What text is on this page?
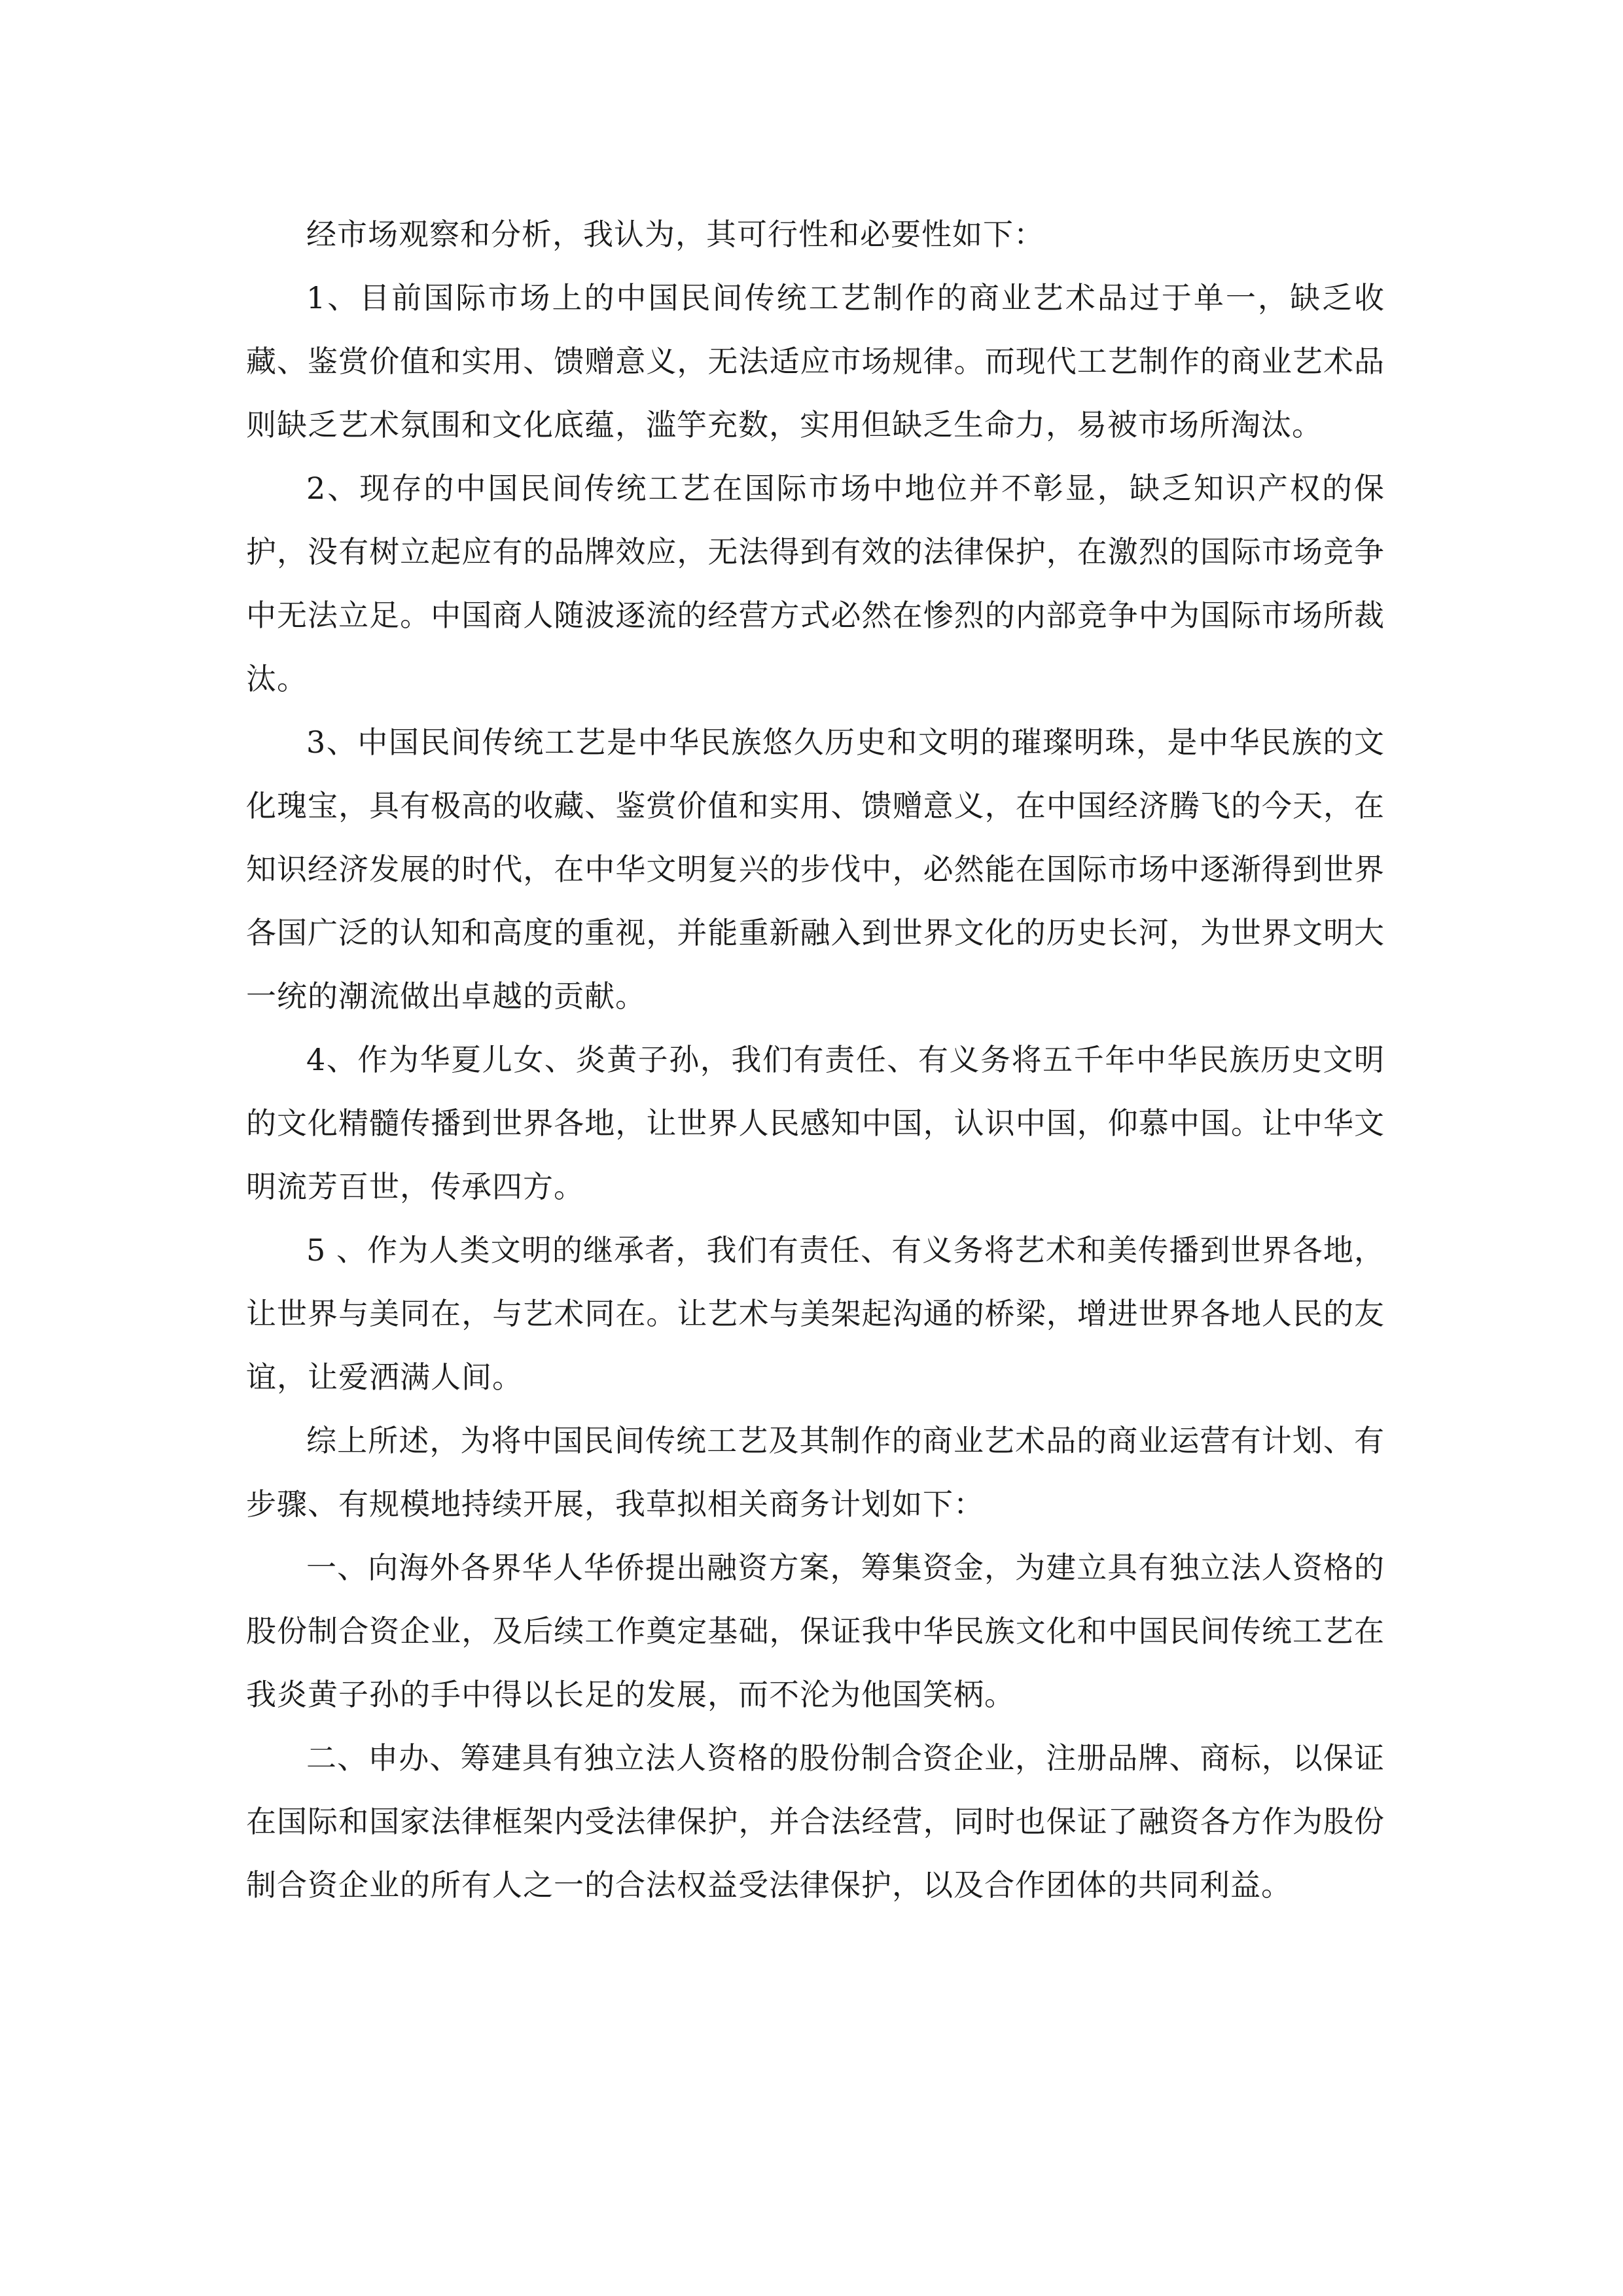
经市场观察和分析，我认为，其可行性和必要性如下：

1、目前国际市场上的中国民间传统工艺制作的商业艺术品过于单一，缺乏收藏、鉴赏价值和实用、馈赠意义，无法适应市场规律。而现代工艺制作的商业艺术品则缺乏艺术氛围和文化底蕴，滥竽充数，实用但缺乏生命力，易被市场所淘汰。

2、现存的中国民间传统工艺在国际市场中地位并不彰显，缺乏知识产权的保护，没有树立起应有的品牌效应，无法得到有效的法律保护，在激烈的国际市场竞争中无法立足。中国商人随波逐流的经营方式必然在惨烈的内部竞争中为国际市场所裁汰。

3、中国民间传统工艺是中华民族悠久历史和文明的璀璨明珠，是中华民族的文化瑰宝，具有极高的收藏、鉴赏价值和实用、馈赠意义，在中国经济腾飞的今天，在知识经济发展的时代，在中华文明复兴的步伐中，必然能在国际市场中逐渐得到世界各国广泛的认知和高度的重视，并能重新融入到世界文化的历史长河，为世界文明大一统的潮流做出卓越的贡献。

4、作为华夏儿女、炎黄子孙，我们有责任、有义务将五千年中华民族历史文明的文化精髓传播到世界各地，让世界人民感知中国，认识中国，仰慕中国。让中华文明流芳百世，传承四方。

5 、作为人类文明的继承者，我们有责任、有义务将艺术和美传播到世界各地，让世界与美同在，与艺术同在。让艺术与美架起沟通的桥梁，增进世界各地人民的友谊，让爱洒满人间。

综上所述，为将中国民间传统工艺及其制作的商业艺术品的商业运营有计划、有步骤、有规模地持续开展，我草拟相关商务计划如下：

一、向海外各界华人华侨提出融资方案，筹集资金，为建立具有独立法人资格的股份制合资企业，及后续工作奠定基础，保证我中华民族文化和中国民间传统工艺在我炎黄子孙的手中得以长足的发展，而不沦为他国笑柄。

二、申办、筹建具有独立法人资格的股份制合资企业，注册品牌、商标，以保证在国际和国家法律框架内受法律保护，并合法经营，同时也保证了融资各方作为股份制合资企业的所有人之一的合法权益受法律保护，以及合作团体的共同利益。
